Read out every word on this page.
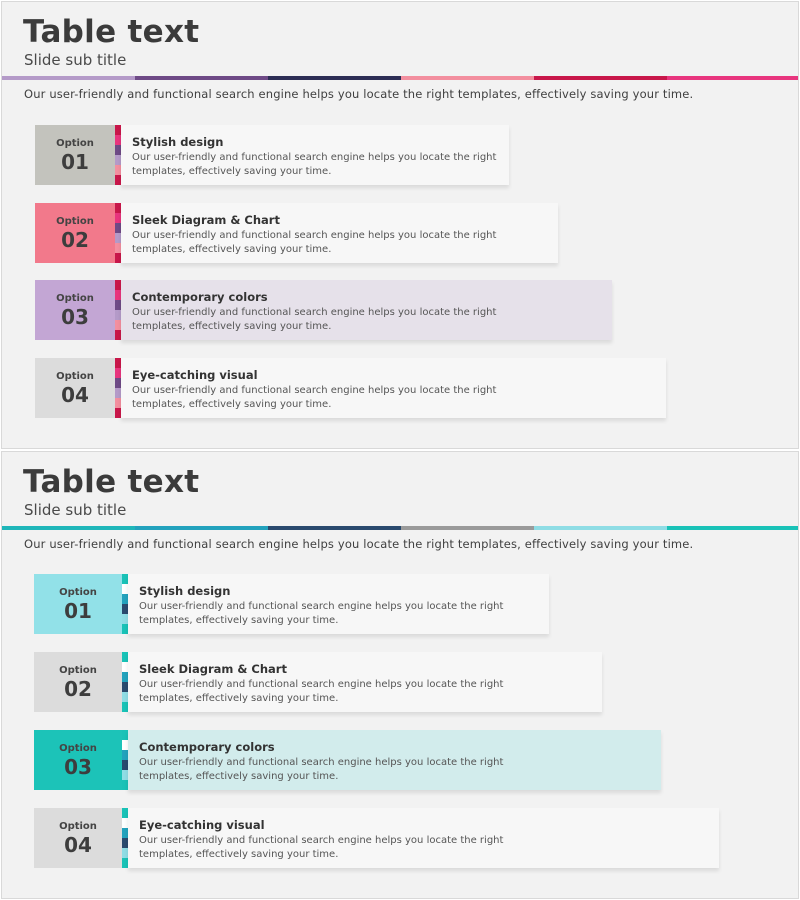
Table text
Slide sub title
Our user-friendly and functional search engine helps you locate the right templates, effectively saving your time.
Option
01
Stylish design
Our user-friendly and functional search engine helps you locate the right templates, effectively saving your time.
Option
02
Sleek Diagram & Chart
Our user-friendly and functional search engine helps you locate the right templates, effectively saving your time.
Option
03
Contemporary colors
Our user-friendly and functional search engine helps you locate the right templates, effectively saving your time.
Option
04
Eye-catching visual
Our user-friendly and functional search engine helps you locate the right templates, effectively saving your time.
Table text
Slide sub title
Our user-friendly and functional search engine helps you locate the right templates, effectively saving your time.
Option
01
Stylish design
Our user-friendly and functional search engine helps you locate the right templates, effectively saving your time.
Option
02
Sleek Diagram & Chart
Our user-friendly and functional search engine helps you locate the right templates, effectively saving your time.
Option
03
Contemporary colors
Our user-friendly and functional search engine helps you locate the right templates, effectively saving your time.
Option
04
Eye-catching visual
Our user-friendly and functional search engine helps you locate the right templates, effectively saving your time.
